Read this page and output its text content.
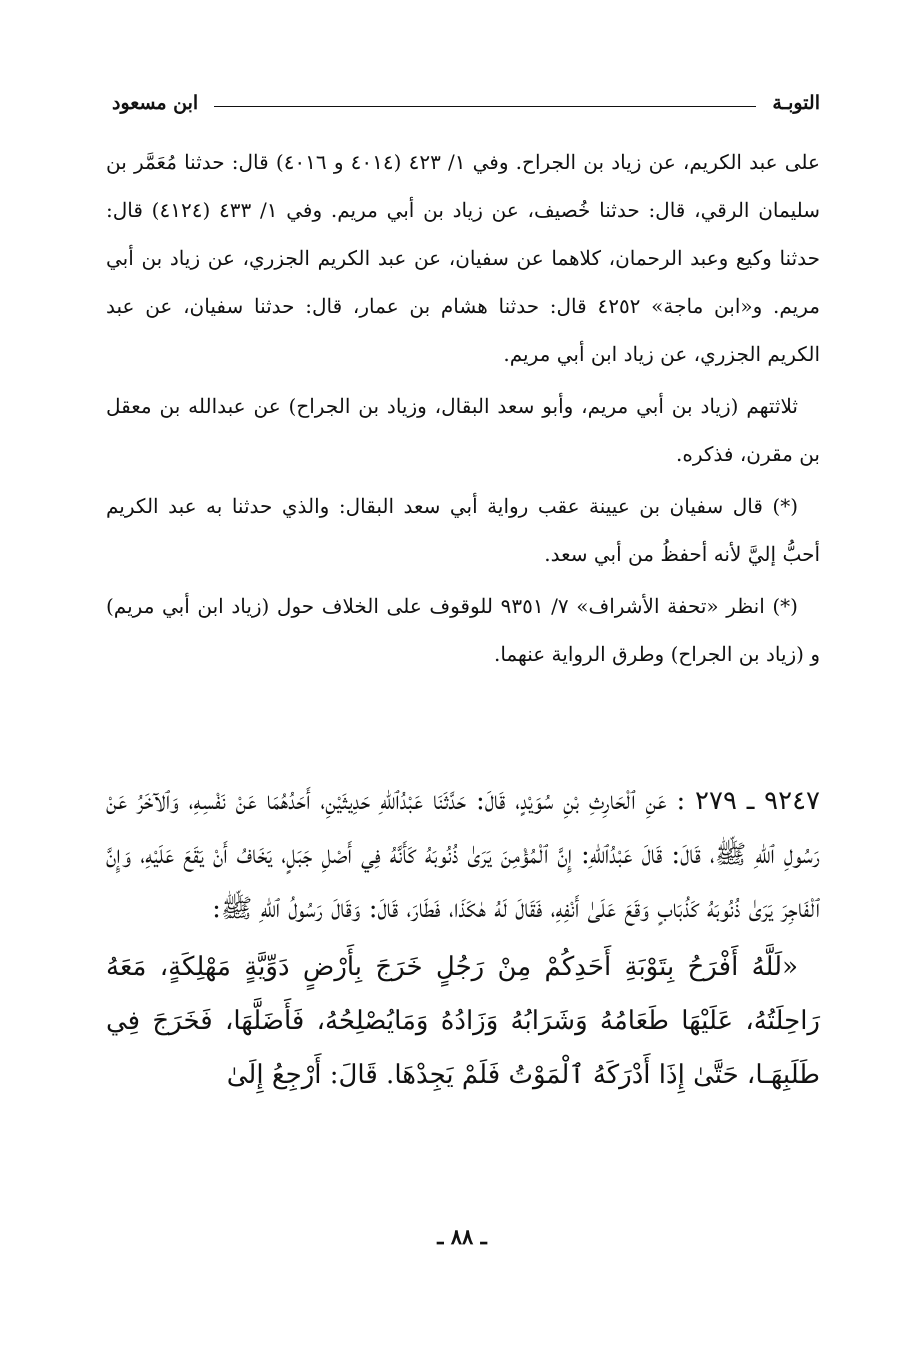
التوبـة
ابن مسعود

على عبد الكريم، عن زياد بن الجراح. وفي ١/ ٤٢٣ (٤٠١٤ و ٤٠١٦) قال: حدثنا مُعَمَّر بن سليمان الرقي، قال: حدثنا خُصيف، عن زياد بن أبي مريم. وفي ١/ ٤٣٣ (٤١٢٤) قال: حدثنا وكيع وعبد الرحمان، كلاهما عن سفيان، عن عبد الكريم الجزري، عن زياد بن أبي مريم. و«ابن ماجة» ٤٢٥٢ قال: حدثنا هشام بن عمار، قال: حدثنا سفيان، عن عبد الكريم الجزري، عن زياد ابن أبي مريم.

ثلاثتهم (زياد بن أبي مريم، وأبو سعد البقال، وزياد بن الجراح) عن عبدالله بن معقل بن مقرن، فذكره.

(*) قال سفيان بن عيينة عقب رواية أبي سعد البقال: والذي حدثنا به عبد الكريم أحبُّ إليَّ لأنه أحفظُ من أبي سعد.

(*) انظر «تحفة الأشراف» ٧/ ٩٣٥١ للوقوف على الخلاف حول (زياد ابن أبي مريم) و (زياد بن الجراح) وطرق الرواية عنهما.

٩٢٤٧ ـ ٢٧٩ : عَنِ ٱلْحَارِثِ بْنِ سُوَيْدٍ، قَالَ: حَدَّثَنَا عَبْدُٱللهِ حَدِيثَيْنِ، أَحَدُهُمَا عَنْ نَفْسِهِ، وَٱلآخَرُ عَنْ رَسُولِ ٱللهِ ﷺ، قَالَ: قَالَ عَبْدُٱللهِ: إِنَّ ٱلْمُؤْمِنَ يَرَىٰ ذُنُوبَهُ كَأَنَّهُ فِي أَصْلِ جَبَلٍ، يَخَافُ أَنْ يَقَعَ عَلَيْهِ، وَإِنَّ ٱلْفَاجِرَ يَرَىٰ ذُنُوبَهُ كَذُبَابٍ وَقَعَ عَلَىٰ أَنْفِهِ، فَقَالَ لَهُ هٰكَذَا، فَطَارَ، قَالَ: وَقَالَ رَسُولُ ٱللهِ ﷺ:

«لَلَّهُ أَفْرَحُ بِتَوْبَةِ أَحَدِكُمْ مِنْ رَجُلٍ خَرَجَ بِأَرْضٍ دَوِّيَّةٍ مَهْلِكَةٍ، مَعَهُ رَاحِلَتُهُ، عَلَيْهَا طَعَامُهُ وَشَرَابُهُ وَزَادُهُ وَمَايُصْلِحُهُ، فَأَضَلَّهَا، فَخَرَجَ فِي طَلَبِهَـا، حَتَّىٰ إِذَا أَدْرَكَهُ ٱلْمَوْتُ فَلَمْ يَجِدْهَا. قَالَ: أَرْجِعُ إِلَىٰ

ـ ٨٨ ـ
